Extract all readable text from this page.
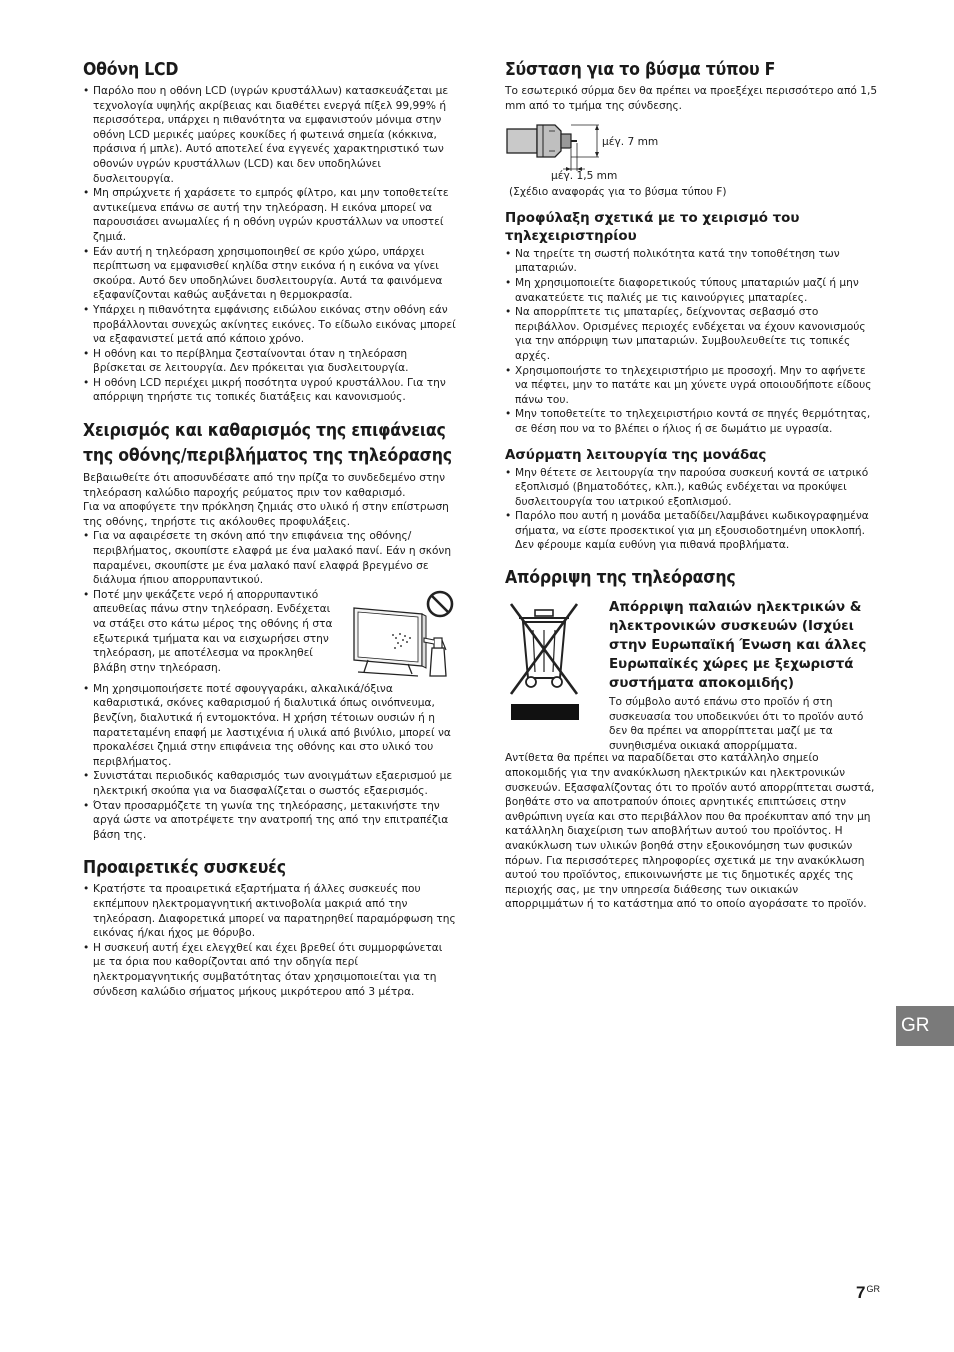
Οθόνη LCD
• Παρόλο που η οθόνη LCD (υγρών κρυστάλλων) κατασκευάζεται με τεχνολογία υψηλής ακρίβειας και διαθέτει ενεργά πίξελ 99,99% ή περισσότερα, υπάρχει η πιθανότητα να εμφανιστούν μόνιμα στην οθόνη LCD μερικές μαύρες κουκίδες ή φωτεινά σημεία (κόκκινα, πράσινα ή μπλε). Αυτό αποτελεί ένα εγγενές χαρακτηριστικό των οθονών υγρών κρυστάλλων (LCD) και δεν υποδηλώνει δυσλειτουργία.
• Μη σπρώχνετε ή χαράσετε το εμπρός φίλτρο, και μην τοποθετείτε αντικείμενα επάνω σε αυτή την τηλεόραση. Η εικόνα μπορεί να παρουσιάσει ανωμαλίες ή η οθόνη υγρών κρυστάλλων να υποστεί ζημιά.
• Εάν αυτή η τηλεόραση χρησιμοποιηθεί σε κρύο χώρο, υπάρχει περίπτωση να εμφανισθεί κηλίδα στην εικόνα ή η εικόνα να γίνει σκούρα. Αυτό δεν υποδηλώνει δυσλειτουργία. Αυτά τα φαινόμενα εξαφανίζονται καθώς αυξάνεται η θερμοκρασία.
• Υπάρχει η πιθανότητα εμφάνισης ειδώλου εικόνας στην οθόνη εάν προβάλλονται συνεχώς ακίνητες εικόνες. Το είδωλο εικόνας μπορεί να εξαφανιστεί μετά από κάποιο χρόνο.
• Η οθόνη και το περίβλημα ζεσταίνονται όταν η τηλεόραση βρίσκεται σε λειτουργία. Δεν πρόκειται για δυσλειτουργία.
• Η οθόνη LCD περιέχει μικρή ποσότητα υγρού κρυστάλλου. Για την απόρριψη τηρήστε τις τοπικές διατάξεις και κανονισμούς.
Χειρισμός και καθαρισμός της επιφάνειας της οθόνης/περιβλήματος της τηλεόρασης

Βεβαιωθείτε ότι αποσυνδέσατε από την πρίζα το συνδεδεμένο στην τηλεόραση καλώδιο παροχής ρεύματος πριν τον καθαρισμό.

Για να αποφύγετε την πρόκληση ζημιάς στο υλικό ή στην επίστρωση της οθόνης, τηρήστε τις ακόλουθες προφυλάξεις.

• Για να αφαιρέσετε τη σκόνη από την επιφάνεια της οθόνης/περιβλήματος, σκουπίστε ελαφρά με ένα μαλακό πανί. Εάν η σκόνη παραμένει, σκουπίστε με ένα μαλακό πανί ελαφρά βρεγμένο σε διάλυμα ήπιου απορρυπαντικού.
• Ποτέ μην ψεκάζετε νερό ή απορρυπαντικό απευθείας πάνω στην τηλεόραση. Ενδέχεται να στάξει στο κάτω μέρος της οθόνης ή στα εξωτερικά τμήματα και να εισχωρήσει στην τηλεόραση, με αποτέλεσμα να προκληθεί βλάβη στην τηλεόραση.
• Μη χρησιμοποιήσετε ποτέ σφουγγαράκι, αλκαλικά/όξινα καθαριστικά, σκόνες καθαρισμού ή διαλυτικά όπως οινόπνευμα, βενζίνη, διαλυτικά ή εντομοκτόνα. Η χρήση τέτοιων ουσιών ή η παρατεταμένη επαφή με λαστιχένια ή υλικά από βινύλιο, μπορεί να προκαλέσει ζημιά στην επιφάνεια της οθόνης και στο υλικό του περιβλήματος.
• Συνιστάται περιοδικός καθαρισμός των ανοιγμάτων εξαερισμού με ηλεκτρική σκούπα για να διασφαλίζεται ο σωστός εξαερισμός.
• Όταν προσαρμόζετε τη γωνία της τηλεόρασης, μετακινήστε την αργά ώστε να αποτρέψετε την ανατροπή της από την επιτραπέζια βάση της.
Προαιρετικές συσκευές
• Κρατήστε τα προαιρετικά εξαρτήματα ή άλλες συσκευές που εκπέμπουν ηλεκτρομαγνητική ακτινοβολία μακριά από την τηλεόραση. Διαφορετικά μπορεί να παρατηρηθεί παραμόρφωση της εικόνας ή/και ήχος με θόρυβο.
• Η συσκευή αυτή έχει ελεγχθεί και έχει βρεθεί ότι συμμορφώνεται με τα όρια που καθορίζονται από την οδηγία περί ηλεκτρομαγνητικής συμβατότητας όταν χρησιμοποιείται για τη σύνδεση καλώδιο σήματος μήκους μικρότερου από 3 μέτρα.
Σύσταση για το βύσμα τύπου F

Το εσωτερικό σύρμα δεν θα πρέπει να προεξέχει περισσότερο από 1,5 mm από το τμήμα της σύνδεσης.

μέγ. 7 mm
μέγ. 1,5 mm

(Σχέδιο αναφοράς για το βύσμα τύπου F)

Προφύλαξη σχετικά με το χειρισμό του τηλεχειριστηρίου
• Να τηρείτε τη σωστή πολικότητα κατά την τοποθέτηση των μπαταριών.
• Μη χρησιμοποιείτε διαφορετικούς τύπους μπαταριών μαζί ή μην ανακατεύετε τις παλιές με τις καινούργιες μπαταρίες.
• Να απορρίπτετε τις μπαταρίες, δείχνοντας σεβασμό στο περιβάλλον. Ορισμένες περιοχές ενδέχεται να έχουν κανονισμούς για την απόρριψη των μπαταριών. Συμβουλευθείτε τις τοπικές αρχές.
• Χρησιμοποιήστε το τηλεχειριστήριο με προσοχή. Μην το αφήνετε να πέφτει, μην το πατάτε και μη χύνετε υγρά οποιουδήποτε είδους πάνω του.
• Μην τοποθετείτε το τηλεχειριστήριο κοντά σε πηγές θερμότητας, σε θέση που να το βλέπει ο ήλιος ή σε δωμάτιο με υγρασία.
Ασύρματη λειτουργία της μονάδας
• Μην θέτετε σε λειτουργία την παρούσα συσκευή κοντά σε ιατρικό εξοπλισμό (βηματοδότες, κλπ.), καθώς ενδέχεται να προκύψει δυσλειτουργία του ιατρικού εξοπλισμού.
• Παρόλο που αυτή η μονάδα μεταδίδει/λαμβάνει κωδικογραφημένα σήματα, να είστε προσεκτικοί για μη εξουσιοδοτημένη υποκλοπή. Δεν φέρουμε καμία ευθύνη για πιθανά προβλήματα.
Απόρριψη της τηλεόρασης
Απόρριψη παλαιών ηλεκτρικών & ηλεκτρονικών συσκευών (Ισχύει στην Ευρωπαϊκή Ένωση και άλλες Ευρωπαϊκές χώρες με ξεχωριστά συστήματα αποκομιδής)

Το σύμβολο αυτό επάνω στο προϊόν ή στη συσκευασία του υποδεικνύει ότι το προϊόν αυτό δεν θα πρέπει να απορρίπτεται μαζί με τα συνηθισμένα οικιακά απορρίμματα.

Αντίθετα θα πρέπει να παραδίδεται στο κατάλληλο σημείο αποκομιδής για την ανακύκλωση ηλεκτρικών και ηλεκτρονικών συσκευών. Εξασφαλίζοντας ότι το προϊόν αυτό απορρίπτεται σωστά, βοηθάτε στο να αποτραπούν όποιες αρνητικές επιπτώσεις στην ανθρώπινη υγεία και στο περιβάλλον που θα προέκυπταν από την μη κατάλληλη διαχείριση των αποβλήτων αυτού του προϊόντος. Η ανακύκλωση των υλικών βοηθά στην εξοικονόμηση των φυσικών πόρων. Για περισσότερες πληροφορίες σχετικά με την ανακύκλωση αυτού του προϊόντος, επικοινωνήστε με τις δημοτικές αρχές της περιοχής σας, με την υπηρεσία διάθεσης των οικιακών απορριμμάτων ή το κατάστημα από το οποίο αγοράσατε το προϊόν.

GR
$7^{GR}$
